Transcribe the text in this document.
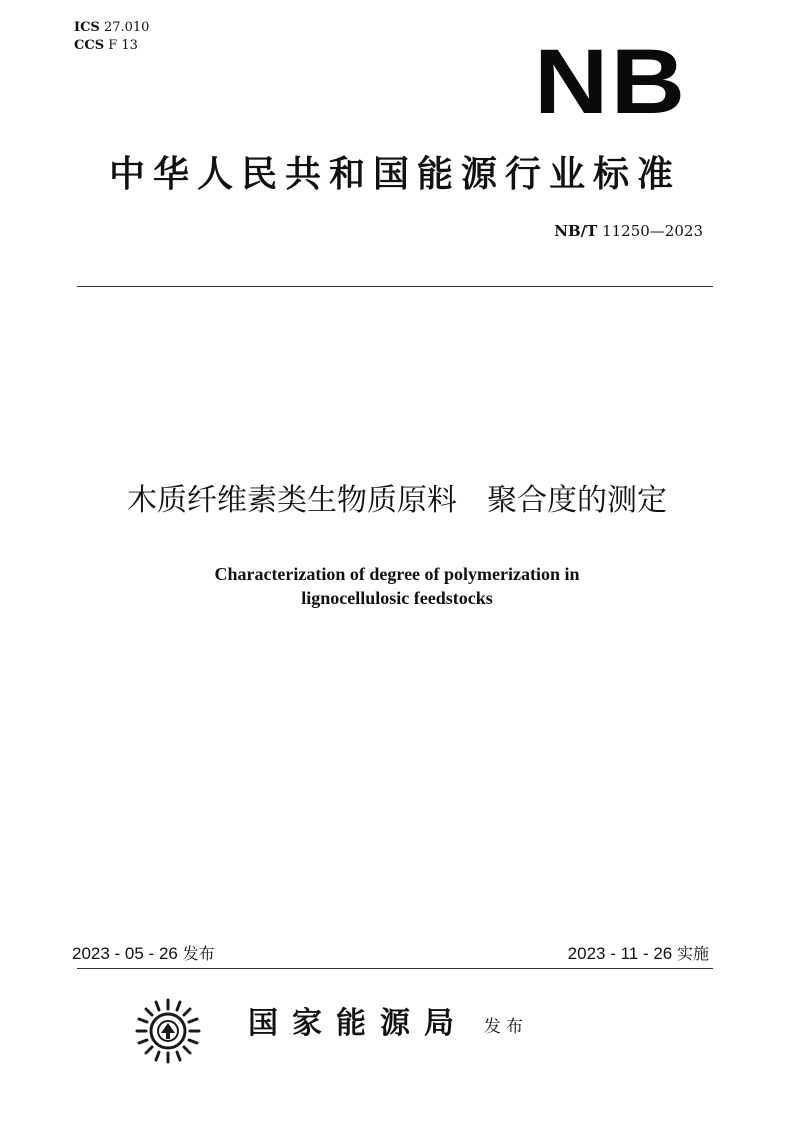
ICS 27.010
CCS F 13	NB
中华人民共和国能源行业标准
NB/T 11250—2023
木质纤维素类生物质原料　聚合度的测定
Characterization of degree of polymerization in
lignocellulosic feedstocks
2023 - 05 - 26 发布	2023 - 11 - 26 实施
国家能源局 发布
